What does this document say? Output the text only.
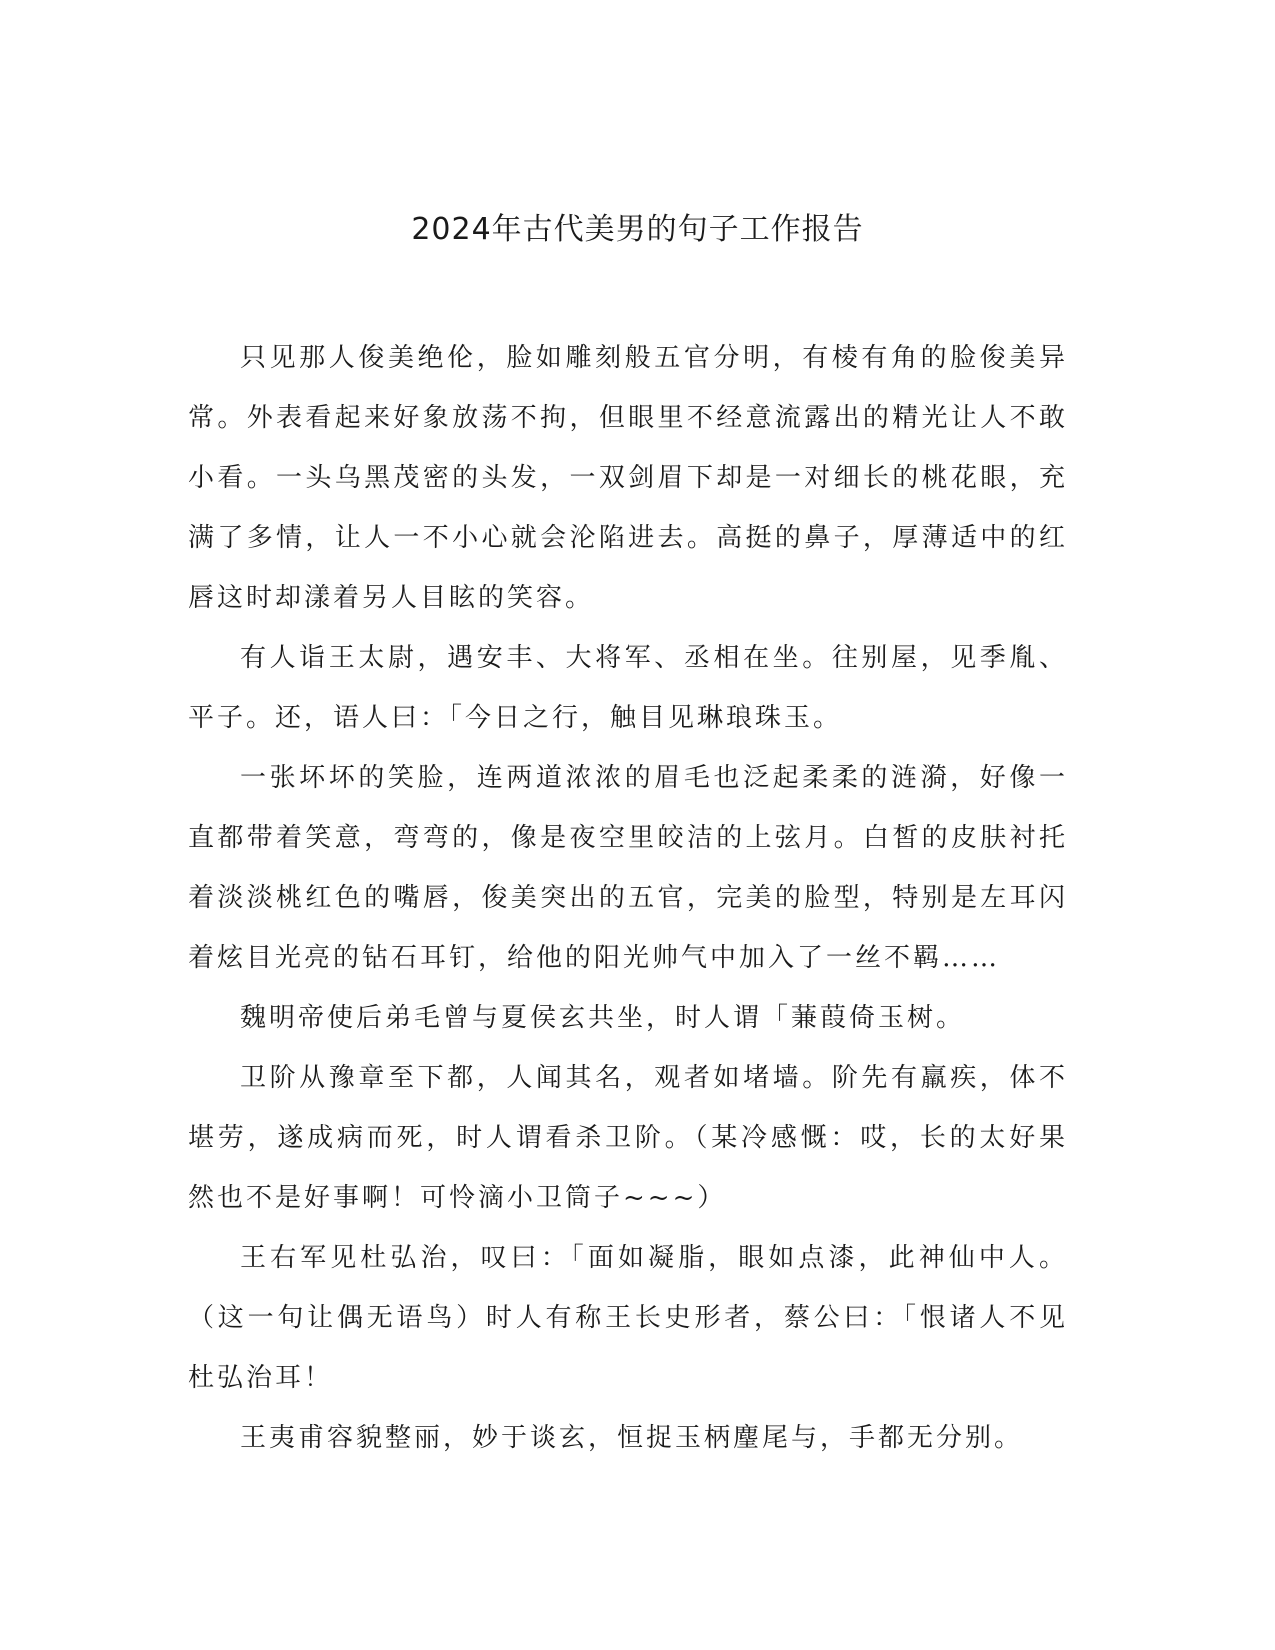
2024年古代美男的句子工作报告

只见那人俊美绝伦，脸如雕刻般五官分明，有棱有角的脸俊美异常。外表看起来好象放荡不拘，但眼里不经意流露出的精光让人不敢小看。一头乌黑茂密的头发，一双剑眉下却是一对细长的桃花眼，充满了多情，让人一不小心就会沦陷进去。高挺的鼻子，厚薄适中的红唇这时却漾着另人目眩的笑容。

有人诣王太尉，遇安丰、大将军、丞相在坐。往别屋，见季胤、平子。还，语人曰：「今日之行，触目见琳琅珠玉。

一张坏坏的笑脸，连两道浓浓的眉毛也泛起柔柔的涟漪，好像一直都带着笑意，弯弯的，像是夜空里皎洁的上弦月。白皙的皮肤衬托着淡淡桃红色的嘴唇，俊美突出的五官，完美的脸型，特别是左耳闪着炫目光亮的钻石耳钉，给他的阳光帅气中加入了一丝不羁……

魏明帝使后弟毛曾与夏侯玄共坐，时人谓「蒹葭倚玉树。

卫阶从豫章至下都，人闻其名，观者如堵墙。阶先有羸疾，体不堪劳，遂成病而死，时人谓看杀卫阶。（某冷感慨：哎，长的太好果然也不是好事啊！可怜滴小卫筒子~~~）

王右军见杜弘治，叹曰：「面如凝脂，眼如点漆，此神仙中人。（这一句让偶无语鸟）时人有称王长史形者，蔡公曰：「恨诸人不见杜弘治耳！

王夷甫容貌整丽，妙于谈玄，恒捉玉柄麈尾与，手都无分别。
